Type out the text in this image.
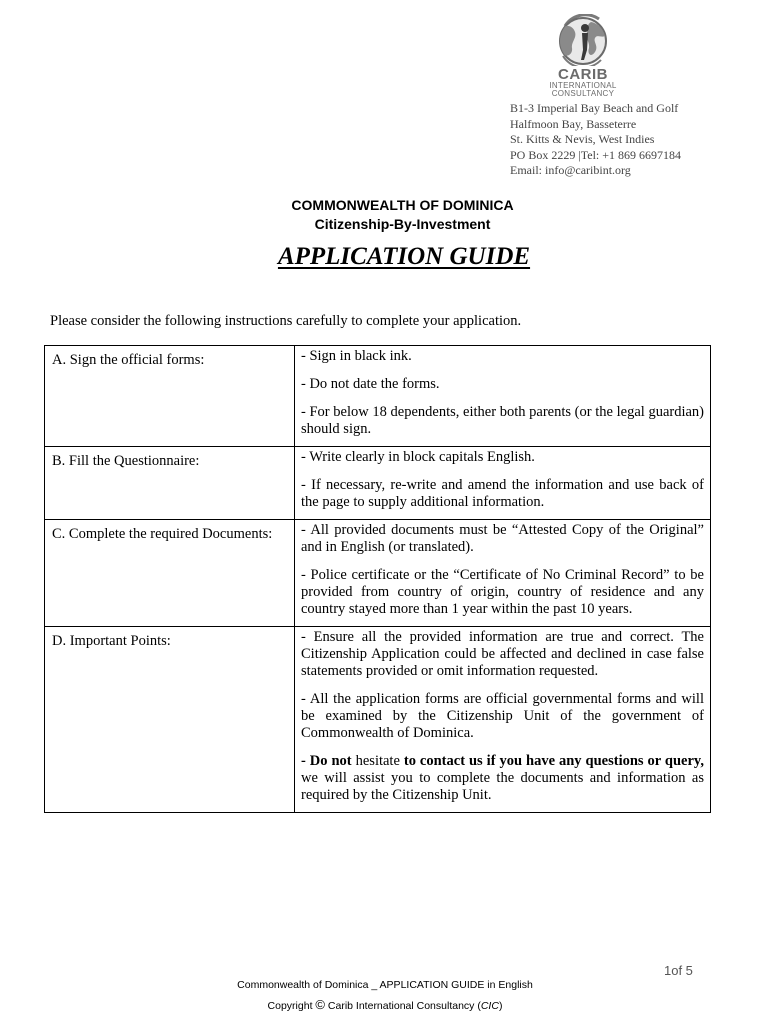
CARIB
INTERNATIONAL
CONSULTANCY
B1-3 Imperial Bay Beach and Golf
Halfmoon Bay, Basseterre
St. Kitts & Nevis, West Indies
PO Box 2229 |Tel: +1 869 6697184
Email: info@caribint.org
COMMONWEALTH OF DOMINICA
Citizenship-By-Investment
APPLICATION GUIDE
Please consider the following instructions carefully to complete your application.
A. Sign the official forms:	- Sign in black ink.

- Do not date the forms.

- For below 18 dependents, either both parents (or the legal guardian) should sign.

B. Fill the Questionnaire:	- Write clearly in block capitals English.

- If necessary, re-write and amend the information and use back of the page to supply additional information.

C. Complete the required Documents:	- All provided documents must be “Attested Copy of the Original” and in English (or translated).

- Police certificate or the “Certificate of No Criminal Record” to be provided from country of origin, country of residence and any country stayed more than 1 year within the past 10 years.

D. Important Points:	- Ensure all the provided information are true and correct. The Citizenship Application could be affected and declined in case false statements provided or omit information requested.

- All the application forms are official governmental forms and will be examined by the Citizenship Unit of the government of Commonwealth of Dominica.

- Do not hesitate to contact us if you have any questions or query, we will assist you to complete the documents and information as required by the Citizenship Unit.

1of 5
Commonwealth of Dominica _ APPLICATION GUIDE in English
Copyright © Carib International Consultancy (CIC)
